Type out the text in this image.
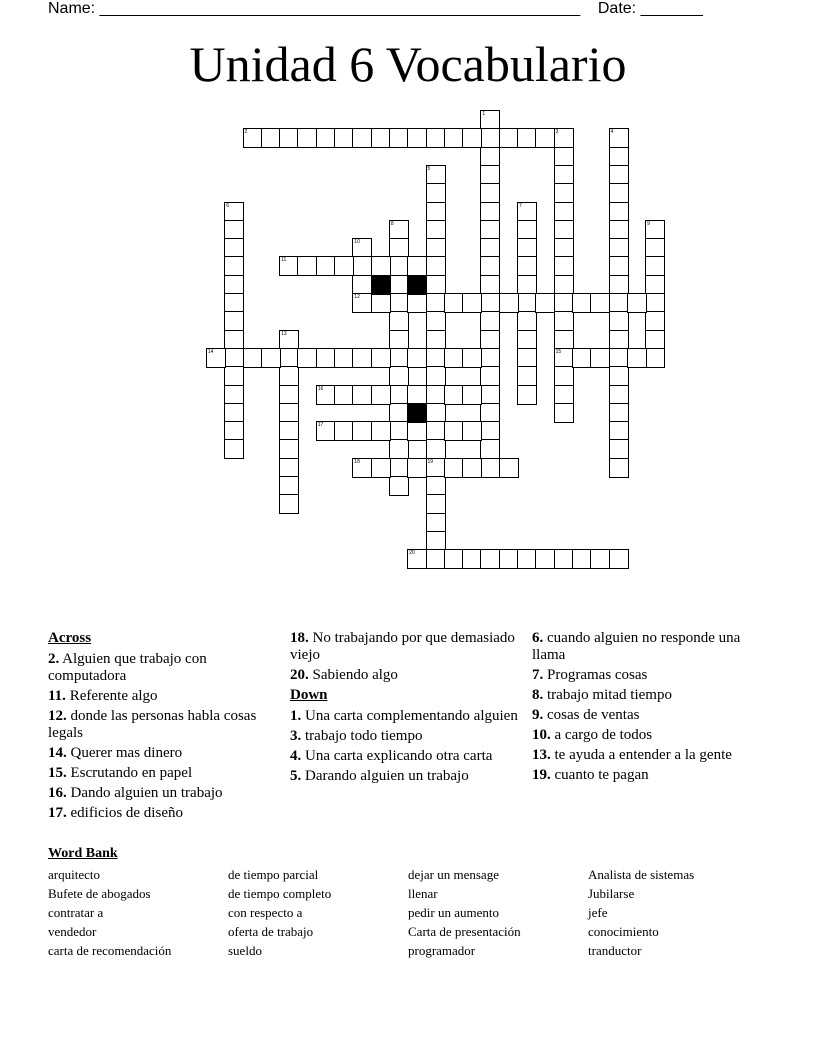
Name: ______________________________________________________ Date: _______
Unidad 6 Vocabulario
1
2	3
15
4
5
19
6	7
8	9
10
11
12
13
14
16
17
18
20
Across
2. Alguien que trabajo con computadora
11. Referente algo
12. donde las personas habla cosas legals
14. Querer mas dinero
15. Escrutando en papel
16. Dando alguien un trabajo
17. edificios de diseño
18. No trabajando por que demasiado viejo
20. Sabiendo algo
Down
1. Una carta complementando alguien
3. trabajo todo tiempo
4. Una carta explicando otra carta
5. Darando alguien un trabajo
6. cuando alguien no responde una llama
7. Programas cosas
8. trabajo mitad tiempo
9. cosas de ventas
10. a cargo de todos
13. te ayuda a entender a la gente
19. cuanto te pagan
Word Bank
arquitecto
Bufete de abogados
contratar a
vendedor
carta de recomendación
de tiempo parcial
de tiempo completo
con respecto a
oferta de trabajo
sueldo
dejar un mensage
llenar
pedir un aumento
Carta de presentación
programador
Analista de sistemas
Jubilarse
jefe
conocimiento
tranductor
